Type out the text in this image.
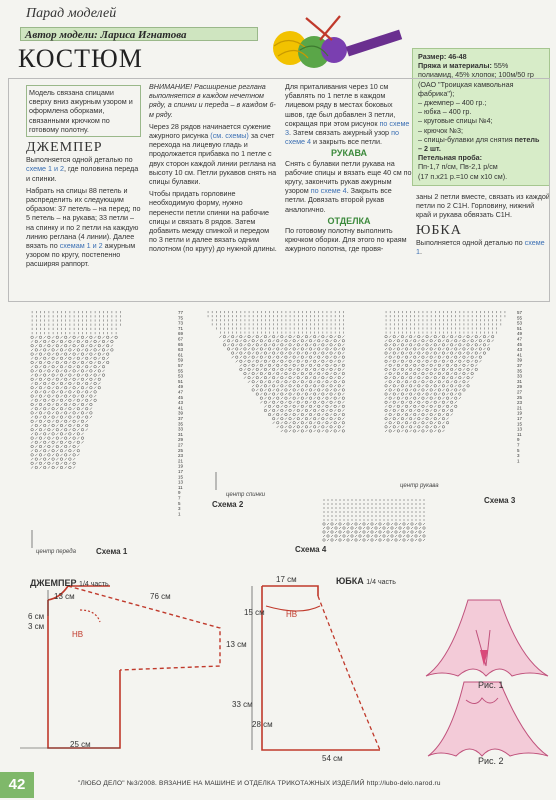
Парад моделей
Автор модели: Лариса Игнатова
КОСТЮМ

Модель связана спицами сверху вниз ажурным узором и оформлена оборками, связанными крючком по готовому полотну.

ДЖЕМПЕР

Выполняется одной деталью по схеме 1 и 2, где половина переда и спинки.

Набрать на спицы 88 петель и распределить их следующим образом: 37 петель – на перед; по 5 петель – на рукава; 33 петли – на спинку и по 2 петли на каждую линию реглана (4 линии). Далее вязать по схемам 1 и 2 ажурным узором по кругу, постепенно расширяя раппорт.

ВНИМАНИЕ! Расширение реглана выполняется в каждом нечетном ряду, а спинки и переда – в каждом 6-м ряду.

Через 28 рядов начинается сужение ажурного рисунка (см. схемы) за счет перехода на лицевую гладь и продолжается прибавка по 1 петле с двух сторон каждой линии реглана на высоту 10 см. Петли рукавов снять на спицы булавки.

Чтобы придать горловине необходимую форму, нужно перенести петли спинки на рабочие спицы и связать 8 рядов. Затем добавить между спинкой и передом по 3 петли и далее вязать одним полотном (по кругу) до нужной длины.

Для приталивания через 10 см убавлять по 1 петле в каждом лицевом ряду в местах боковых швов, где был добавлен 3 петли, сокращая при этом рисунок по схеме 3. Затем связать ажурный узор по схеме 4 и закрыть все петли.

РУКАВА

Снять с булавки петли рукава на рабочие спицы и вязать еще 40 см по кругу, закончить рукав ажурным узором по схеме 4. Закрыть все петли. Довязать второй рукав аналогично.

ОТДЕЛКА

По готовому полотну выполнить крючком оборки. Для этого по краям ажурного полотна, где провя-

Размер: 46-48
Пряжа и материалы: 55% полиамид, 45% хлопок; 100м/50 гр (ОАО "Троицкая камвольная фабрика");
– джемпер – 400 гр.;
– юбка – 400 гр.
– круговые спицы №4;
– крючок №3;
– спицы-булавки для снятия петель – 2 шт.
Петельная проба:
Пп-1,7 п/см, Пв-2,1 р/см
(17 п.х21 р.=10 см х10 см).

заны 2 петли вместе, связать из каждой петли по 2 С1Н. Горловину, нижний край и рукава обвязать С1Н.

ЮБКА

Выполняется одной деталью по схеме 1.

77
75
73
71
69
67
65
63
61
59
57
55
53
51
49
47
45
43
41
39
37
35
33
31
29
27
25
23
21
19
17
15
13
11
9
7
5
3
1
57
55
53
51
49
47
45
43
41
39
37
35
33
31
29
27
25
23
21
19
17
15
13
11
9
7
5
3
1
Схема 1
центр переда
Схема 2
центр спинки
Схема 3
центр рукава
Схема 4
ДЖЕМПЕР 1/4 часть
13 см	76 см
6 см
3 см
НВ
13 см
25 см
ЮБКА 1/4 часть
17 см
15 см	НВ
33 см
28 см
54 см
Рис. 1
Рис. 2
42	"ЛЮБО ДЕЛО" №3/2008. ВЯЗАНИЕ НА МАШИНЕ И ОТДЕЛКА ТРИКОТАЖНЫХ ИЗДЕЛИЙ http://lubo-delo.narod.ru
